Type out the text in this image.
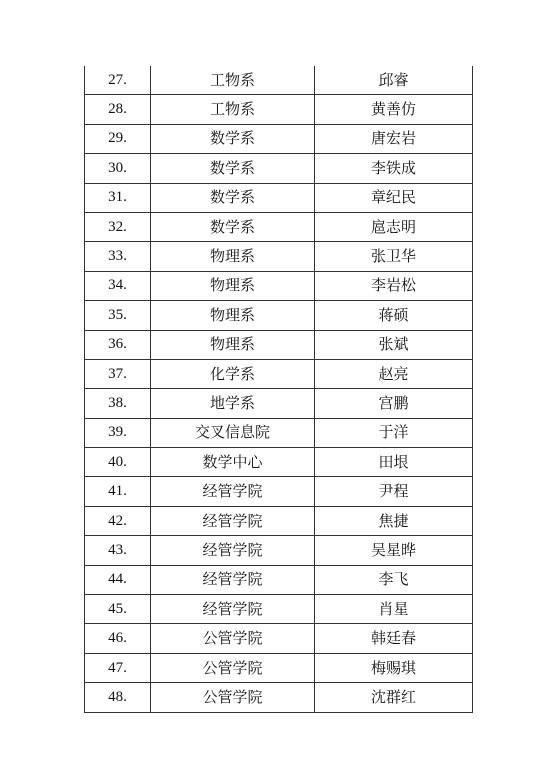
27.	工物系	邱睿
28.	工物系	黄善仿
29.	数学系	唐宏岩
30.	数学系	李铁成
31.	数学系	章纪民
32.	数学系	扈志明
33.	物理系	张卫华
34.	物理系	李岩松
35.	物理系	蒋硕
36.	物理系	张斌
37.	化学系	赵亮
38.	地学系	宫鹏
39.	交叉信息院	于洋
40.	数学中心	田垠
41.	经管学院	尹程
42.	经管学院	焦捷
43.	经管学院	吴星晔
44.	经管学院	李飞
45.	经管学院	肖星
46.	公管学院	韩廷春
47.	公管学院	梅赐琪
48.	公管学院	沈群红
